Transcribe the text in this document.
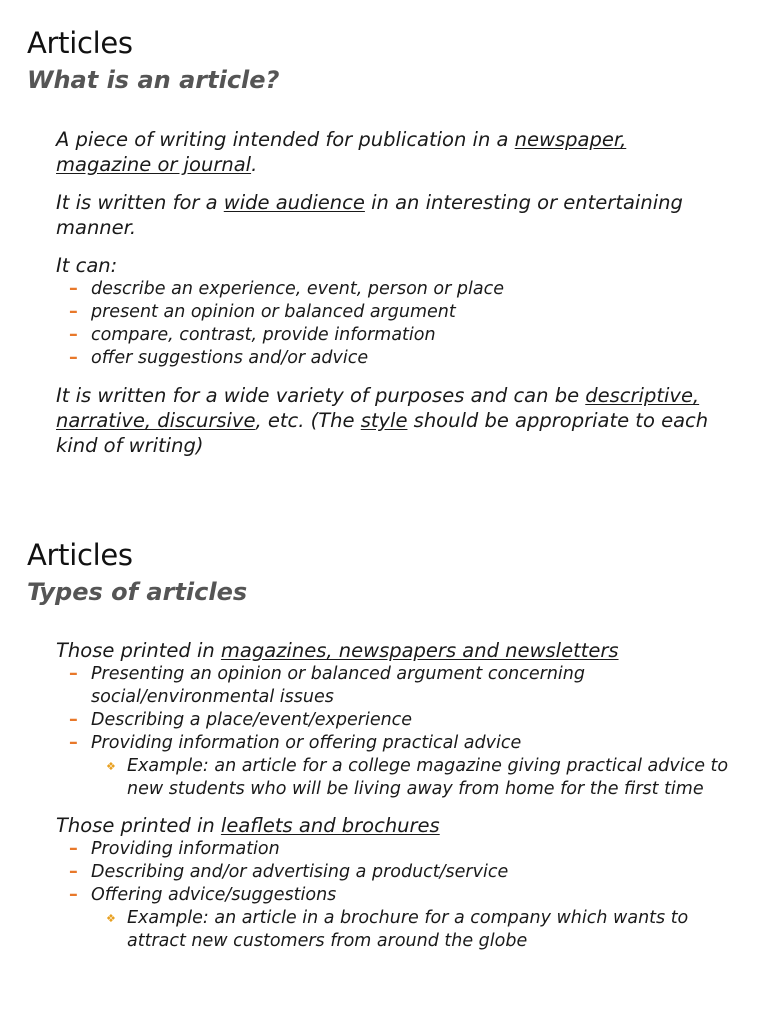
Articles
What is an article?

A piece of writing intended for publication in a newspaper,
magazine or journal.

It is written for a wide audience in an interesting or entertaining manner.

It can:

– describe an experience, event, person or place
– present an opinion or balanced argument
– compare, contrast, provide information
– offer suggestions and/or advice

It is written for a wide variety of purposes and can be descriptive, narrative, discursive, etc. (The style should be appropriate to each kind of writing)

Articles
Types of articles

Those printed in magazines, newspapers and newsletters

– Presenting an opinion or balanced argument concerning social/environmental issues
– Describing a place/event/experience
– Providing information or offering practical advice
❖ Example: an article for a college magazine giving practical advice to new students who will be living away from home for the first time

Those printed in leaflets and brochures

– Providing information
– Describing and/or advertising a product/service
– Offering advice/suggestions
❖ Example: an article in a brochure for a company which wants to attract new customers from around the globe
